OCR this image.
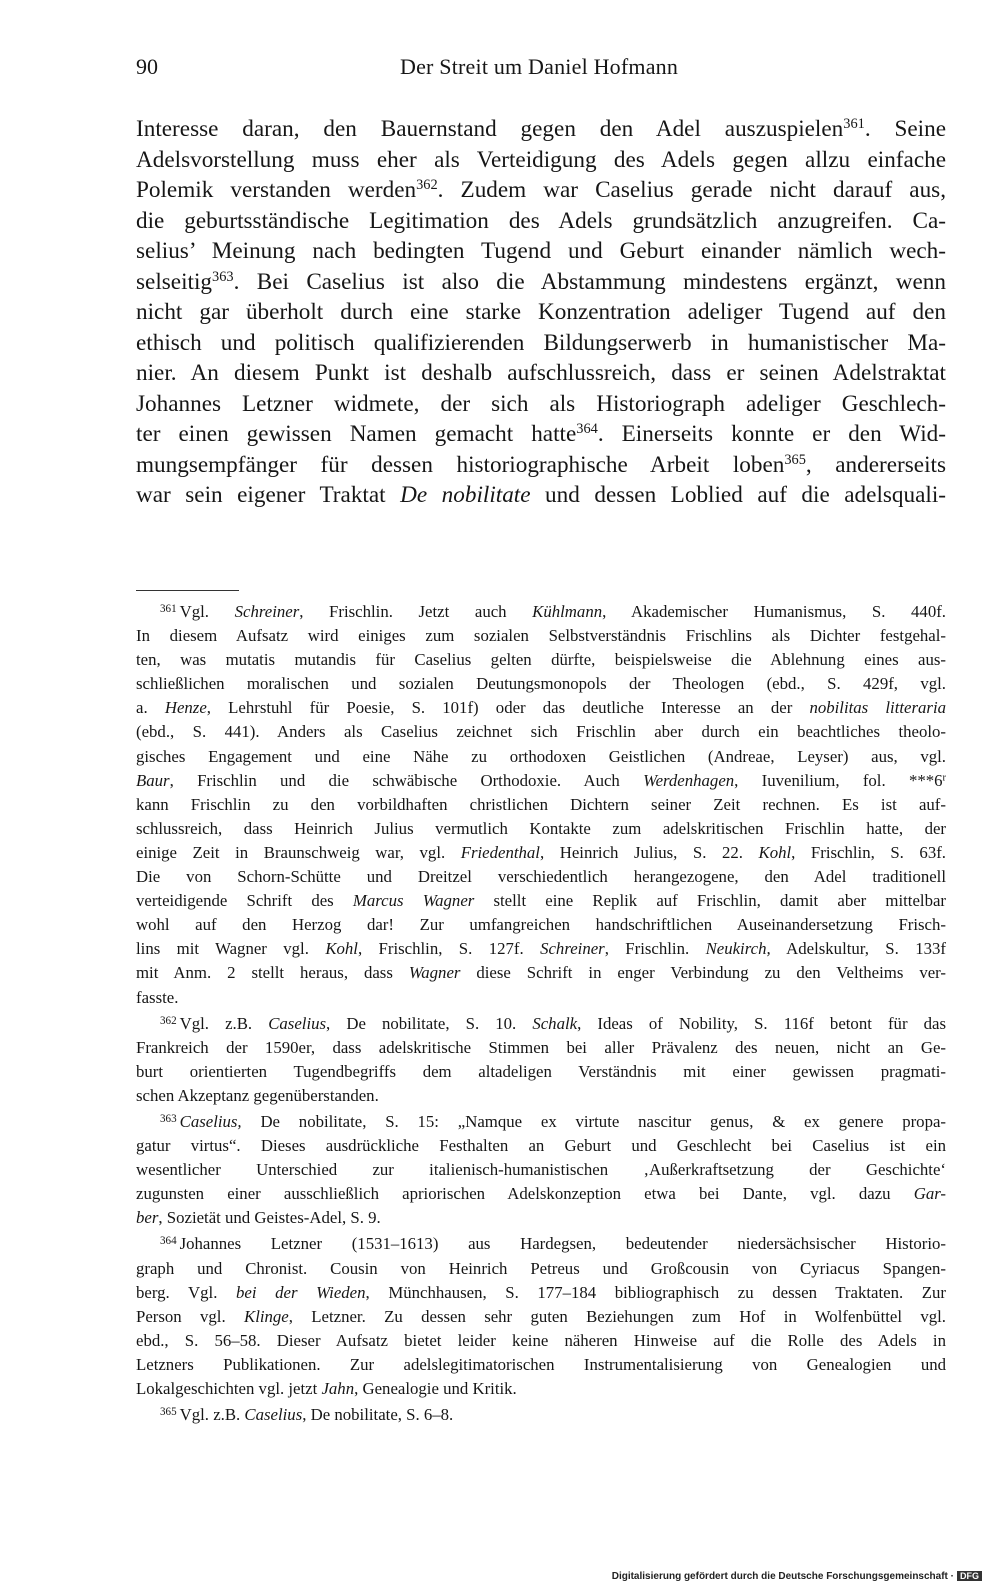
90	Der Streit um Daniel Hofmann
Interesse daran, den Bauernstand gegen den Adel auszuspielen$^{361}$. Seine
Adelsvorstellung muss eher als Verteidigung des Adels gegen allzu einfache
Polemik verstanden werden$^{362}$. Zudem war Caselius gerade nicht darauf aus,
die geburtsständische Legitimation des Adels grundsätzlich anzugreifen. Ca-
selius’ Meinung nach bedingten Tugend und Geburt einander nämlich wech-
selseitig$^{363}$. Bei Caselius ist also die Abstammung mindestens ergänzt, wenn
nicht gar überholt durch eine starke Konzentration adeliger Tugend auf den
ethisch und politisch qualifizierenden Bildungserwerb in humanistischer Ma-
nier. An diesem Punkt ist deshalb aufschlussreich, dass er seinen Adelstraktat
Johannes Letzner widmete, der sich als Historiograph adeliger Geschlech-
ter einen gewissen Namen gemacht hatte$^{364}$. Einerseits konnte er den Wid-
mungsempfänger für dessen historiographische Arbeit loben$^{365}$, andererseits
war sein eigener Traktat De nobilitate und dessen Loblied auf die adelsquali-
$^{361}$ Vgl. Schreiner, Frischlin. Jetzt auch Kühlmann, Akademischer Humanismus, S. 440f.
In diesem Aufsatz wird einiges zum sozialen Selbstverständnis Frischlins als Dichter festgehal-
ten, was mutatis mutandis für Caselius gelten dürfte, beispielsweise die Ablehnung eines aus-
schließlichen moralischen und sozialen Deutungsmonopols der Theologen (ebd., S. 429f, vgl.
a. Henze, Lehrstuhl für Poesie, S. 101f) oder das deutliche Interesse an der nobilitas litteraria
(ebd., S. 441). Anders als Caselius zeichnet sich Frischlin aber durch ein beachtliches theolo-
gisches Engagement und eine Nähe zu orthodoxen Geistlichen (Andreae, Leyser) aus, vgl.
Baur, Frischlin und die schwäbische Orthodoxie. Auch Werdenhagen, Iuvenilium, fol. ***6$^r$
kann Frischlin zu den vorbildhaften christlichen Dichtern seiner Zeit rechnen. Es ist auf-
schlussreich, dass Heinrich Julius vermutlich Kontakte zum adelskritischen Frischlin hatte, der
einige Zeit in Braunschweig war, vgl. Friedenthal, Heinrich Julius, S. 22. Kohl, Frischlin, S. 63f.
Die von Schorn-Schütte und Dreitzel verschiedentlich herangezogene, den Adel traditionell
verteidigende Schrift des Marcus Wagner stellt eine Replik auf Frischlin, damit aber mittelbar
wohl auf den Herzog dar! Zur umfangreichen handschriftlichen Auseinandersetzung Frisch-
lins mit Wagner vgl. Kohl, Frischlin, S. 127f. Schreiner, Frischlin. Neukirch, Adelskultur, S. 133f
mit Anm. 2 stellt heraus, dass Wagner diese Schrift in enger Verbindung zu den Veltheims ver-
fasste.
$^{362}$ Vgl. z.B. Caselius, De nobilitate, S. 10. Schalk, Ideas of Nobility, S. 116f betont für das
Frankreich der 1590er, dass adelskritische Stimmen bei aller Prävalenz des neuen, nicht an Ge-
burt orientierten Tugendbegriffs dem altadeligen Verständnis mit einer gewissen pragmati-
schen Akzeptanz gegenüberstanden.
$^{363}$ Caselius, De nobilitate, S. 15: „Namque ex virtute nascitur genus, & ex genere propa-
gatur virtus“. Dieses ausdrückliche Festhalten an Geburt und Geschlecht bei Caselius ist ein
wesentlicher Unterschied zur italienisch-humanistischen ‚Außerkraftsetzung der Geschichte‘
zugunsten einer ausschließlich apriorischen Adelskonzeption etwa bei Dante, vgl. dazu Gar-
ber, Sozietät und Geistes-Adel, S. 9.
$^{364}$ Johannes Letzner (1531–1613) aus Hardegsen, bedeutender niedersächsischer Historio-
graph und Chronist. Cousin von Heinrich Petreus und Großcousin von Cyriacus Spangen-
berg. Vgl. bei der Wieden, Münchhausen, S. 177–184 bibliographisch zu dessen Traktaten. Zur
Person vgl. Klinge, Letzner. Zu dessen sehr guten Beziehungen zum Hof in Wolfenbüttel vgl.
ebd., S. 56–58. Dieser Aufsatz bietet leider keine näheren Hinweise auf die Rolle des Adels in
Letzners Publikationen. Zur adelslegitimatorischen Instrumentalisierung von Genealogien und
Lokalgeschichten vgl. jetzt Jahn, Genealogie und Kritik.
$^{365}$ Vgl. z.B. Caselius, De nobilitate, S. 6–8.
Digitalisierung gefördert durch die Deutsche Forschungsgemeinschaft · DFG
